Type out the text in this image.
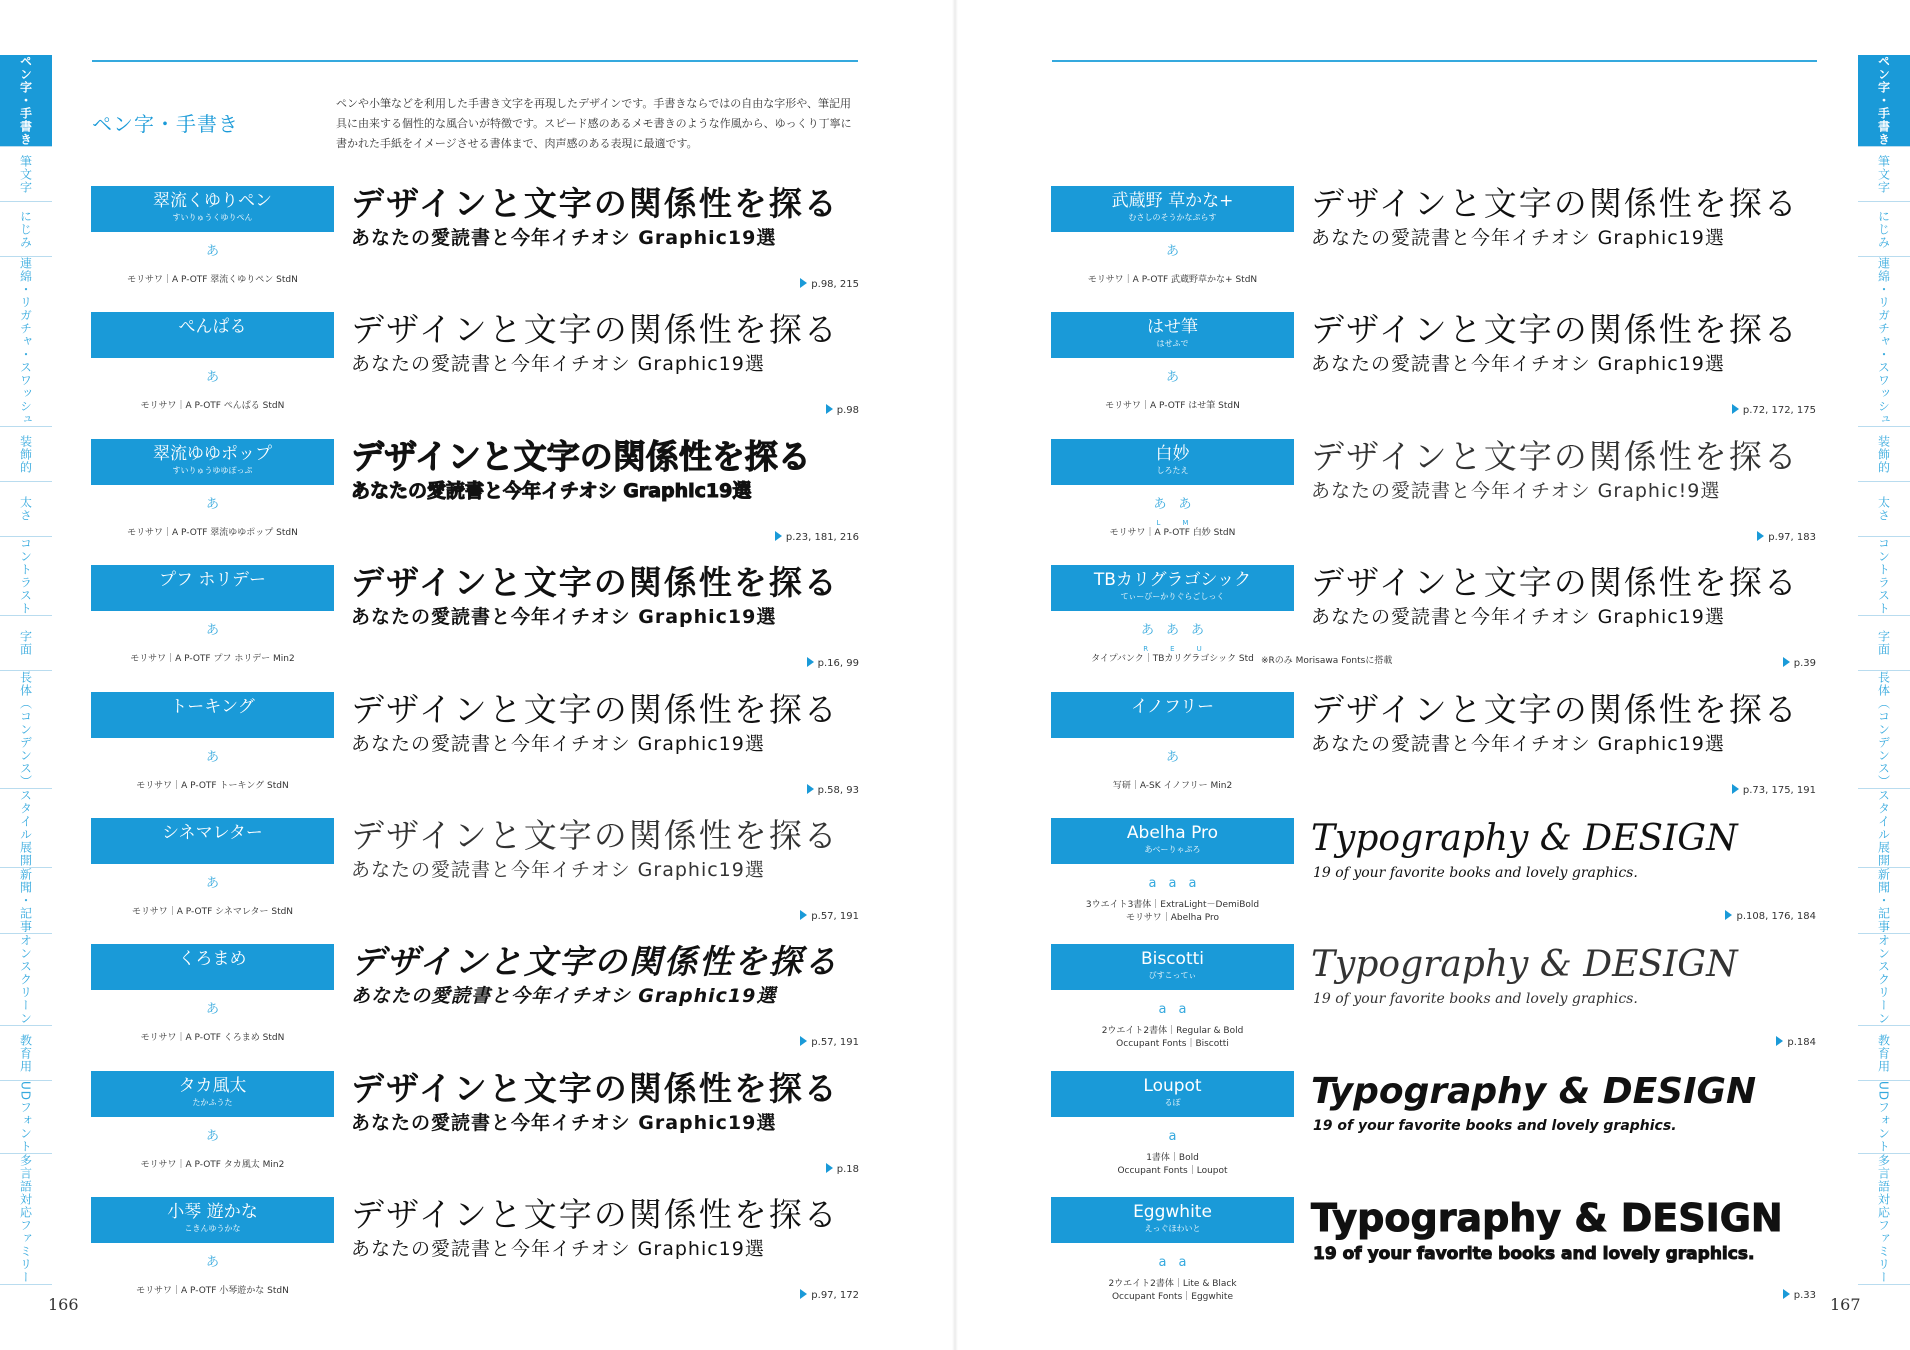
ペン字・手書き
筆文字
にじみ
連綿・リガチャ・スワッシュ
装飾的
太さ
コントラスト
字面
長体（コンデンス）
スタイル展開
新聞・記事
オンスクリーン
教育用
UDフォント
多言語対応ファミリー
ペン字・手書き
ペンや小筆などを利用した手書き文字を再現したデザインです。手書きならではの自由な字形や、筆記用具に由来する個性的な風合いが特徴です。スピード感のあるメモ書きのような作風から、ゆっくり丁寧に書かれた手紙をイメージさせる書体まで、肉声感のある表現に最適です。
翠流くゆりペン
すいりゅうくゆりぺん
あ
モリサワ｜A P-OTF 翠流くゆりペン StdN
デザインと文字の関係性を探る
あなたの愛読書と今年イチオシ Graphic19選
p.98, 215
ぺんぱる
あ
モリサワ｜A P-OTF ぺんぱる StdN
デザインと文字の関係性を探る
あなたの愛読書と今年イチオシ Graphic19選
p.98
翠流ゆゆポップ
すいりゅうゆゆぽっぷ
あ
モリサワ｜A P-OTF 翠流ゆゆポップ StdN
デザインと文字の関係性を探る
あなたの愛読書と今年イチオシ Graphic19選
p.23, 181, 216
プフ ホリデー
あ
モリサワ｜A P-OTF プフ ホリデー Min2
デザインと文字の関係性を探る
あなたの愛読書と今年イチオシ Graphic19選
p.16, 99
トーキング
あ
モリサワ｜A P-OTF トーキング StdN
デザインと文字の関係性を探る
あなたの愛読書と今年イチオシ Graphic19選
p.58, 93
シネマレター
あ
モリサワ｜A P-OTF シネマレター StdN
デザインと文字の関係性を探る
あなたの愛読書と今年イチオシ Graphic19選
p.57, 191
くろまめ
あ
モリサワ｜A P-OTF くろまめ StdN
デザインと文字の関係性を探る
あなたの愛読書と今年イチオシ Graphic19選
p.57, 191
タカ風太
たかふうた
あ
モリサワ｜A P-OTF タカ風太 Min2
デザインと文字の関係性を探る
あなたの愛読書と今年イチオシ Graphic19選
p.18
小琴 遊かな
こきんゆうかな
あ
モリサワ｜A P-OTF 小琴遊かな StdN
デザインと文字の関係性を探る
あなたの愛読書と今年イチオシ Graphic19選
p.97, 172
166
ペン字・手書き
筆文字
にじみ
連綿・リガチャ・スワッシュ
装飾的
太さ
コントラスト
字面
長体（コンデンス）
スタイル展開
新聞・記事
オンスクリーン
教育用
UDフォント
多言語対応ファミリー
武蔵野 草かな+
むさしのそうかなぷらす
あ
モリサワ｜A P-OTF 武蔵野草かな+ StdN
デザインと文字の関係性を探る
あなたの愛読書と今年イチオシ Graphic19選
はせ筆
はせふで
あ
モリサワ｜A P-OTF はせ筆 StdN
デザインと文字の関係性を探る
あなたの愛読書と今年イチオシ Graphic19選
p.72, 172, 175
白妙
しろたえ
あ あ
L	M
モリサワ｜A P-OTF 白妙 StdN
デザインと文字の関係性を探る
あなたの愛読書と今年イチオシ Graphic!9選
p.97, 183
TBカリグラゴシック
てぃーびーかりぐらごしっく
あ あ あ
R	E	U
タイプバンク｜TBカリグラゴシック Std ※Rのみ Morisawa Fontsに搭載
デザインと文字の関係性を探る
あなたの愛読書と今年イチオシ Graphic19選
p.39
イノフリー
あ
写研｜A-SK イノフリー Min2
デザインと文字の関係性を探る
あなたの愛読書と今年イチオシ Graphic19選
p.73, 175, 191
Abelha Pro
あべーりゃぷろ
a a a
3ウエイト3書体｜ExtraLight－DemiBold
モリサワ｜Abelha Pro
Typography & DESIGN
19 of your favorite books and lovely graphics.
p.108, 176, 184
Biscotti
びすこってぃ
a a
2ウエイト2書体｜Regular & Bold
Occupant Fonts｜Biscotti
Typography & DESIGN
19 of your favorite books and lovely graphics.
p.184
Loupot
るぽ
a
1書体｜Bold
Occupant Fonts｜Loupot
Typography & DESIGN
19 of your favorite books and lovely graphics.
Eggwhite
えっぐほわいと
a a
2ウエイト2書体｜Lite & Black
Occupant Fonts｜Eggwhite
Typography & DESIGN
19 of your favorite books and lovely graphics.
p.33 167
